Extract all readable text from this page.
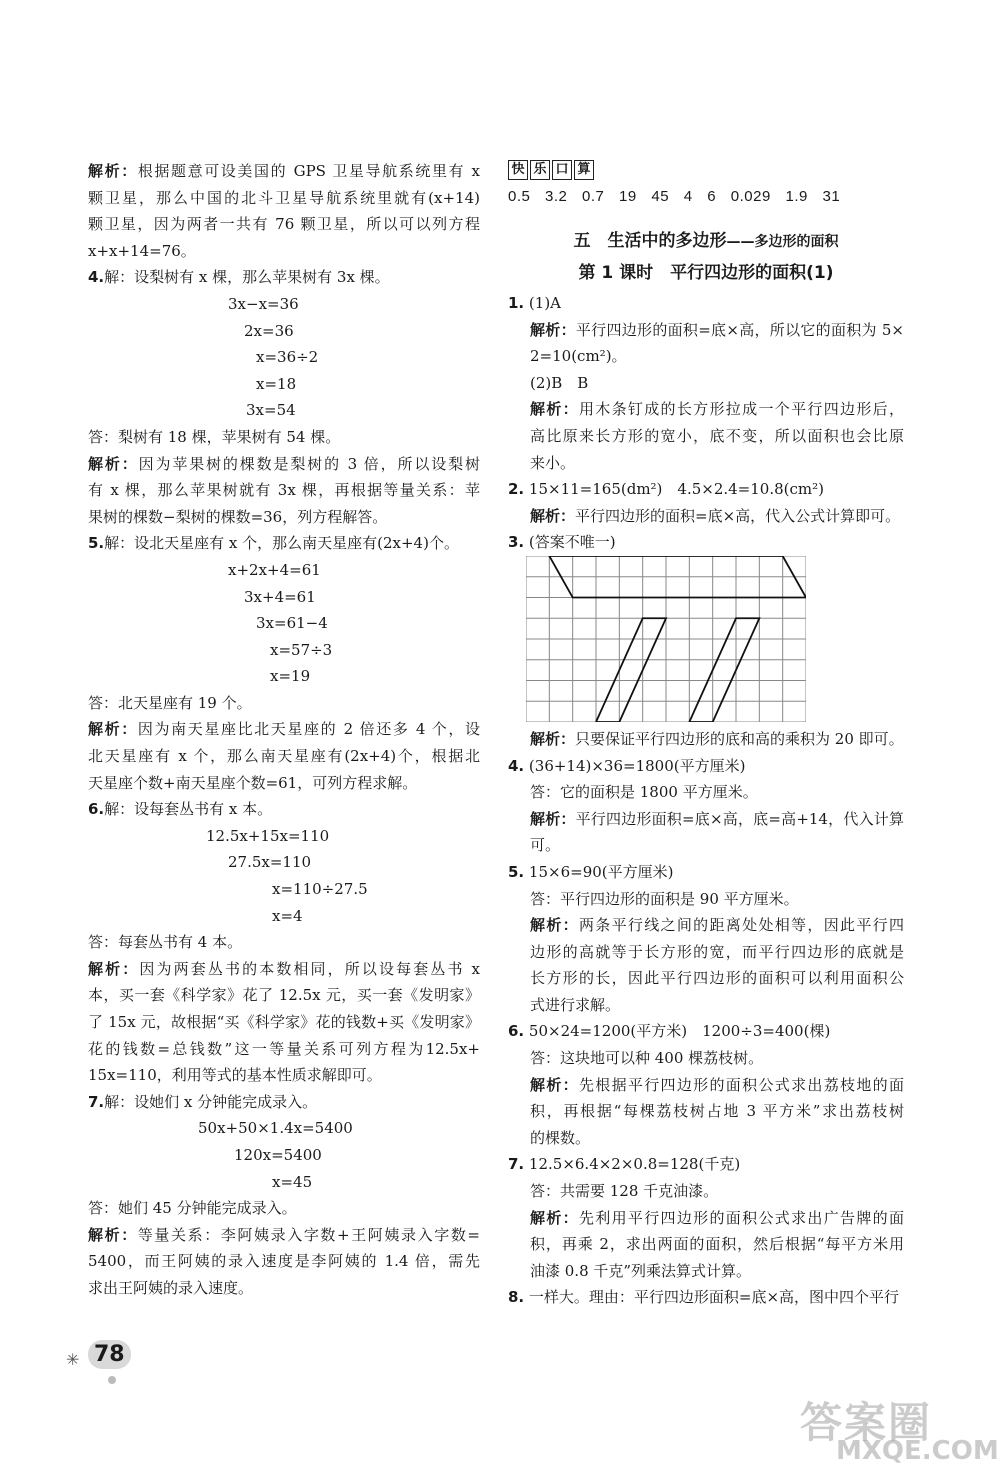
解析：根据题意可设美国的 GPS 卫星导航系统里有 x
颗卫星，那么中国的北斗卫星导航系统里就有(x+14)
颗卫星，因为两者一共有 76 颗卫星，所以可以列方程
x+x+14=76。
4.解：设梨树有 x 棵，那么苹果树有 3x 棵。
3x−x=36
2x=36
x=36÷2
x=18
3x=54
答：梨树有 18 棵，苹果树有 54 棵。
解析：因为苹果树的棵数是梨树的 3 倍，所以设梨树
有 x 棵，那么苹果树就有 3x 棵，再根据等量关系：苹
果树的棵数−梨树的棵数=36，列方程解答。
5.解：设北天星座有 x 个，那么南天星座有(2x+4)个。
x+2x+4=61
3x+4=61
3x=61−4
x=57÷3
x=19
答：北天星座有 19 个。
解析：因为南天星座比北天星座的 2 倍还多 4 个，设
北天星座有 x 个，那么南天星座有(2x+4)个，根据北
天星座个数+南天星座个数=61，可列方程求解。
6.解：设每套丛书有 x 本。
12.5x+15x=110
27.5x=110
x=110÷27.5
x=4
答：每套丛书有 4 本。
解析：因为两套丛书的本数相同，所以设每套丛书 x
本，买一套《科学家》花了 12.5x 元，买一套《发明家》
了 15x 元，故根据“买《科学家》花的钱数+买《发明家》
花的钱数=总钱数”这一等量关系可列方程为12.5x+
15x=110，利用等式的基本性质求解即可。
7.解：设她们 x 分钟能完成录入。
50x+50×1.4x=5400
120x=5400
x=45
答：她们 45 分钟能完成录入。
解析：等量关系：李阿姨录入字数+王阿姨录入字数=
5400，而王阿姨的录入速度是李阿姨的 1.4 倍，需先
求出王阿姨的录入速度。
快 乐 口 算
0.5 3.2 0.7 19 45 4 6 0.029 1.9 31
五　生活中的多边形——多边形的面积
第 1 课时　平行四边形的面积(1)
1. (1)A
解析：平行四边形的面积=底×高，所以它的面积为 5×
2=10(cm²)。
(2)B　B
解析：用木条钉成的长方形拉成一个平行四边形后，
高比原来长方形的宽小，底不变，所以面积也会比原
来小。
2. 15×11=165(dm²)　4.5×2.4=10.8(cm²)
解析：平行四边形的面积=底×高，代入公式计算即可。
3. (答案不唯一)
解析：只要保证平行四边形的底和高的乘积为 20 即可。
4. (36+14)×36=1800(平方厘米)
答：它的面积是 1800 平方厘米。
解析：平行四边形面积=底×高，底=高+14，代入计算
可。
5. 15×6=90(平方厘米)
答：平行四边形的面积是 90 平方厘米。
解析：两条平行线之间的距离处处相等，因此平行四
边形的高就等于长方形的宽，而平行四边形的底就是
长方形的长，因此平行四边形的面积可以利用面积公
式进行求解。
6. 50×24=1200(平方米)　1200÷3=400(棵)
答：这块地可以种 400 棵荔枝树。
解析：先根据平行四边形的面积公式求出荔枝地的面
积，再根据“每棵荔枝树占地 3 平方米”求出荔枝树
的棵数。
7. 12.5×6.4×2×0.8=128(千克)
答：共需要 128 千克油漆。
解析：先利用平行四边形的面积公式求出广告牌的面
积，再乘 2，求出两面的面积，然后根据“每平方米用
油漆 0.8 千克”列乘法算式计算。
8. 一样大。理由：平行四边形面积=底×高，图中四个平行
✳ 78
答案圈
MXQE.COM
